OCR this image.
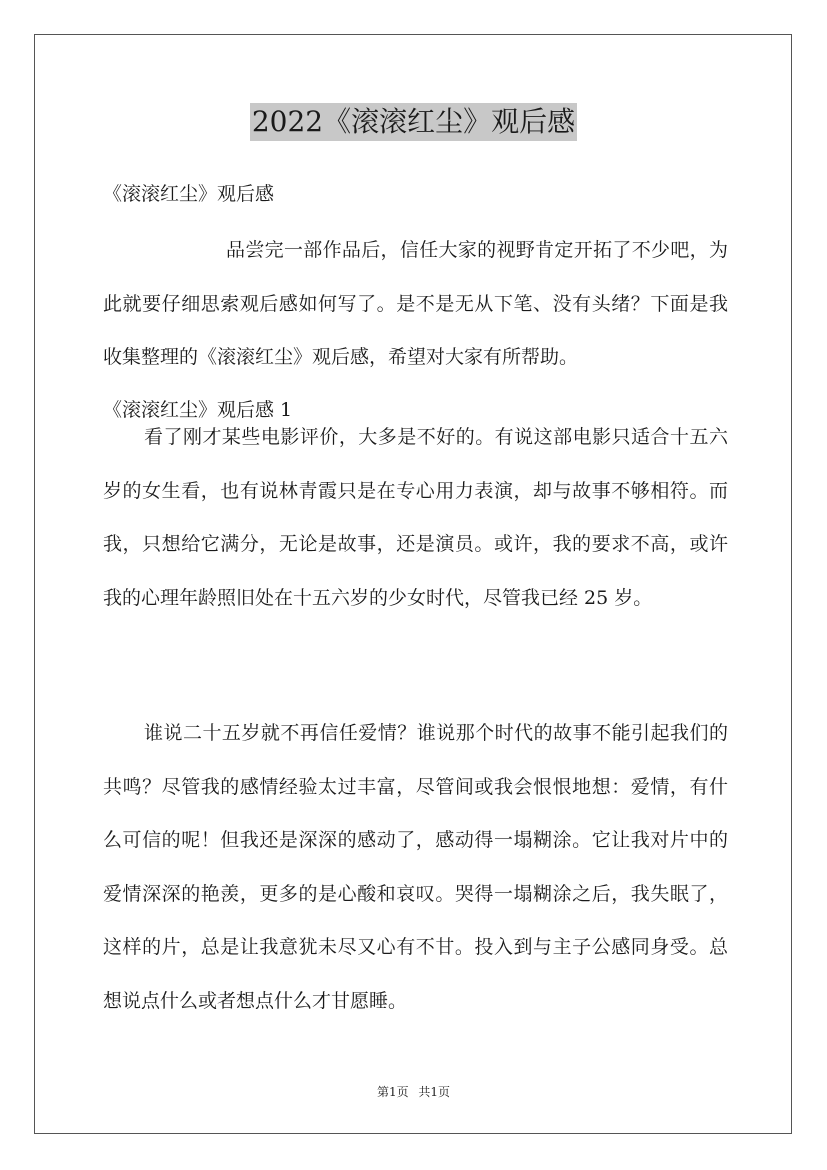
2022《滚滚红尘》观后感
《滚滚红尘》观后感

品尝完一部作品后，信任大家的视野肯定开拓了不少吧，为此就要仔细思索观后感如何写了。是不是无从下笔、没有头绪？下面是我收集整理的《滚滚红尘》观后感，希望对大家有所帮助。

《滚滚红尘》观后感 1

看了刚才某些电影评价，大多是不好的。有说这部电影只适合十五六岁的女生看，也有说林青霞只是在专心用力表演，却与故事不够相符。而我，只想给它满分，无论是故事，还是演员。或许，我的要求不高，或许我的心理年龄照旧处在十五六岁的少女时代，尽管我已经 25 岁。

谁说二十五岁就不再信任爱情？谁说那个时代的故事不能引起我们的共鸣？尽管我的感情经验太过丰富，尽管间或我会恨恨地想：爱情，有什么可信的呢！但我还是深深的感动了，感动得一塌糊涂。它让我对片中的爱情深深的艳羡，更多的是心酸和哀叹。哭得一塌糊涂之后，我失眠了，这样的片，总是让我意犹未尽又心有不甘。投入到与主子公感同身受。总想说点什么或者想点什么才甘愿睡。

第1页 共1页
